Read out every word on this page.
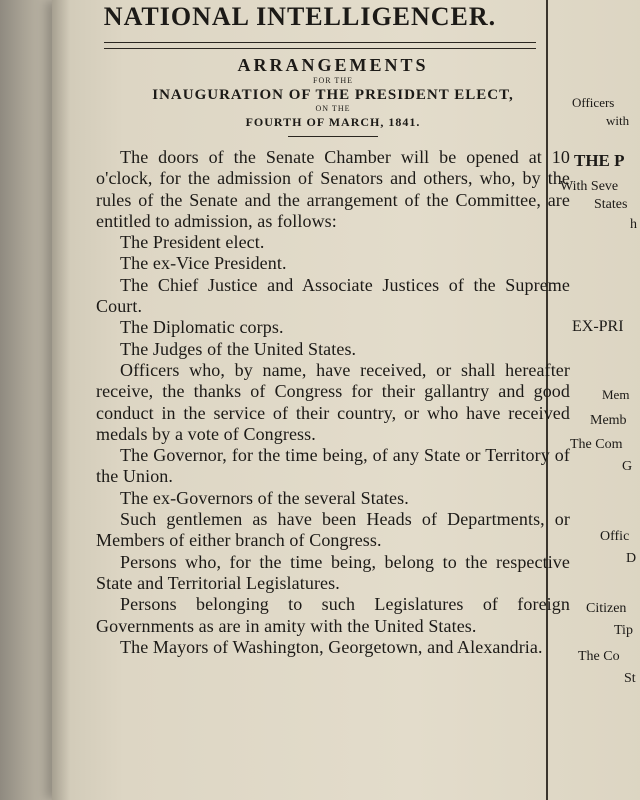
NATIONAL INTELLIGENCER.

ARRANGEMENTS

FOR THE

INAUGURATION OF THE PRESIDENT ELECT,

ON THE

FOURTH OF MARCH, 1841.

The doors of the Senate Chamber will be opened at 10 o'clock, for the admission of Senators and others, who, by the rules of the Senate and the arrangement of the Committee, are entitled to admission, as follows:

The President elect.

The ex-Vice President.

The Chief Justice and Associate Justices of the Supreme Court.

The Diplomatic corps.

The Judges of the United States.

Officers who, by name, have received, or shall hereafter receive, the thanks of Congress for their gallantry and good conduct in the service of their country, or who have received medals by a vote of Congress.

The Governor, for the time being, of any State or Territory of the Union.

The ex-Governors of the several States.

Such gentlemen as have been Heads of Departments, or Members of either branch of Congress.

Persons who, for the time being, belong to the respective State and Territorial Legislatures.

Persons belonging to such Legislatures of foreign Governments as are in amity with the United States.

The Mayors of Washington, Georgetown, and Alexandria.

Officers
with
THE P
With Seve
States
h
EX-PRI
Mem
Memb
The Com
G
Offic
D
Citizen
Tip
The Co
St
